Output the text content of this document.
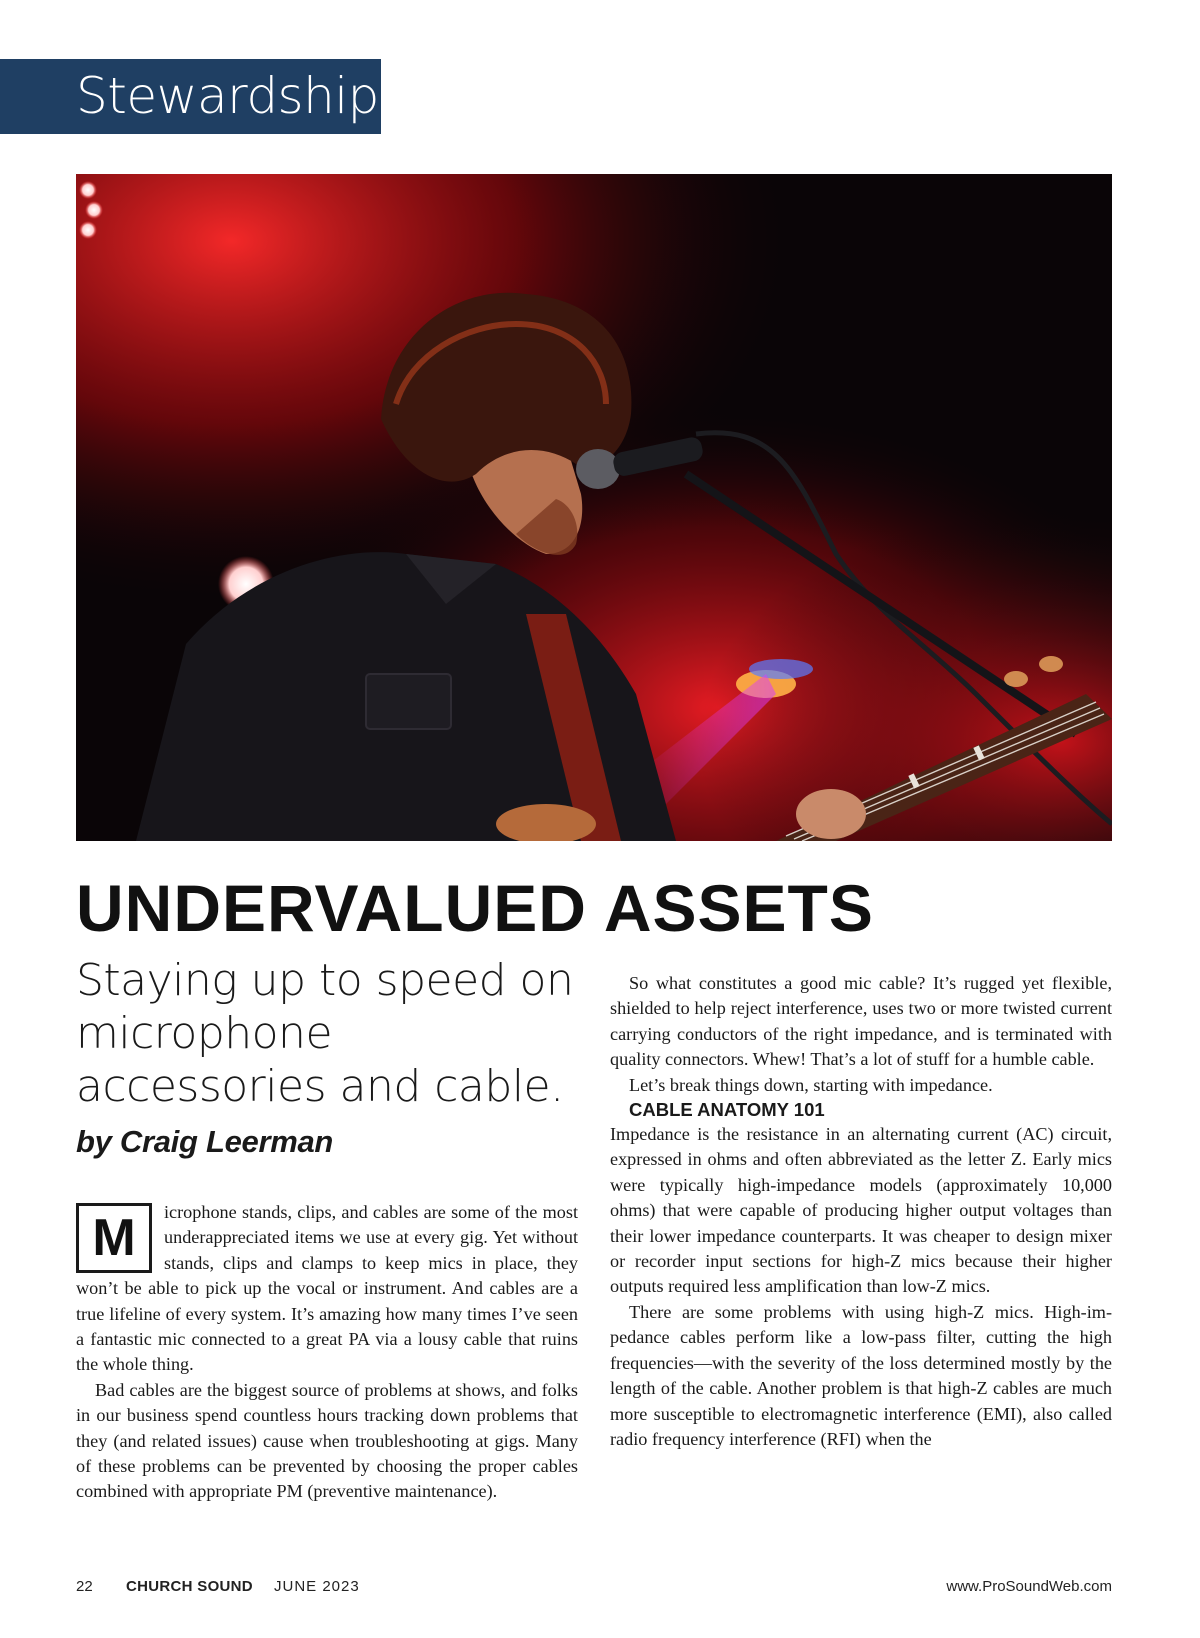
Stewardship
UNDERVALUED ASSETS

Staying up to speed on microphone accessories and cable.

by Craig Leerman

M	icrophone stands, clips, and cables are some of the most underappreciated items we use at every gig. Yet without stands, clips and clamps to keep mics in place, they won’t be able to pick up the vocal or instrument. And cables are a true lifeline of every system. It’s amazing how many times I’ve seen a fantastic mic connected to a great PA via a lousy cable that ruins the whole thing.

Bad cables are the biggest source of problems at shows, and folks in our business spend countless hours tracking down problems that they (and related issues) cause when troubleshooting at gigs. Many of these problems can be prevented by choosing the proper cables combined with appropriate PM (preventive maintenance).

So what constitutes a good mic cable? It’s rugged yet flexible, shielded to help reject interference, uses two or more twisted current carrying conductors of the right impedance, and is terminated with quality connectors. Whew! That’s a lot of stuff for a humble cable.

Let’s break things down, starting with impedance.

CABLE ANATOMY 101

Impedance is the resistance in an alternating current (AC) circuit, expressed in ohms and often abbreviated as the letter Z. Early mics were typically high-impedance models (approximately 10,000 ohms) that were capable of producing higher output voltages than their lower impedance counterparts. It was cheaper to design mixer or recorder input sections for high-Z mics because their higher outputs required less amplification than low-Z mics.

There are some problems with using high-Z mics. High-impedance cables perform like a low-pass filter, cutting the high frequencies—with the severity of the loss determined mostly by the length of the cable. Another problem is that high-Z cables are much more susceptible to electromagnetic interference (EMI), also called radio frequency interference (RFI) when the

22 CHURCH SOUND JUNE 2023	www.ProSoundWeb.com
